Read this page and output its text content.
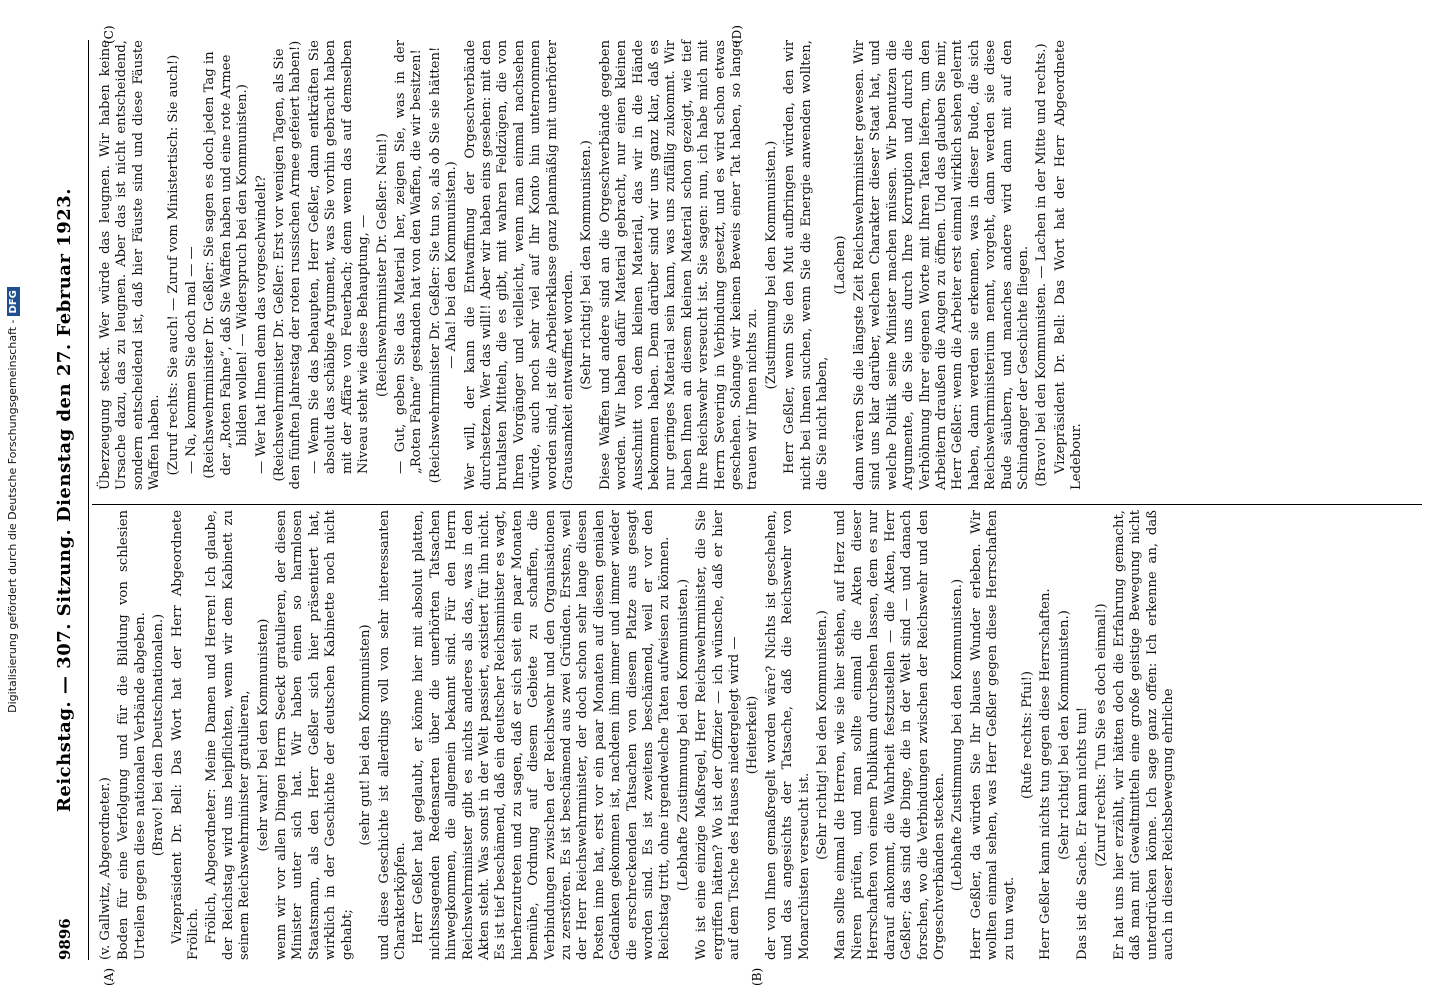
Digitalisierung gefördert durch die Deutsche Forschungsgemeinschaft -DFG
9896
Reichstag. — 307. Sitzung. Dienstag den 27. Februar 1923.
(A)	(B)
(C)	(D)

(v. Gallwitz, Abgeordneter.) Boden für eine Verfolgung und für die Bildung von schlesien Urteilen gegen diese nationalen Verbände abgeben. (Bravo! bei den Deutschnationalen.) Vizepräsident Dr. Bell: Das Wort hat der Herr Abgeordnete Frölich. Frölich, Abgeordneter: Meine Damen und Herren! Ich glaube, der Reichstag wird uns beipflichten, wenn wir dem Kabinett zu seinem Reichswehrminister gratulieren, (sehr wahr! bei den Kommunisten) wenn wir vor allen Dingen Herrn Seeckt gratulieren, der diesen Minister unter sich hat. Wir haben einen so harmlosen Staatsmann, als den Herr Geßler sich hier präsentiert hat, wirklich in der Geschichte der deutschen Kabinette noch nicht gehabt;

(sehr gut! bei den Kommunisten) und diese Geschichte ist allerdings voll von sehr interessanten Charakterköpfen. Herr Geßler hat geglaubt, er könne hier mit absolut platten, nichtssagenden Redensarten über die unerhörten Tatsachen hinwegkommen, die allgemein bekannt sind. Für den Herrn Reichswehrminister gibt es nichts anderes als das, was in den Akten steht. Was sonst in der Welt passiert, existiert für ihn nicht. Es ist tief beschämend, daß ein deutscher Reichsminister es wagt, hierherzutreten und zu sagen, daß er sich seit ein paar Monaten bemühe, Ordnung auf diesem Gebiete zu schaffen, die Verbindungen zwischen der Reichswehr und den Organisationen zu zerstören. Es ist beschämend aus zwei Gründen. Erstens, weil der Herr Reichswehrminister, der doch schon sehr lange diesen Posten inne hat, erst vor ein paar Monaten auf diesen genialen Gedanken gekommen ist, nachdem ihm immer und immer wieder die erschreckenden Tatsachen von diesem Platze aus gesagt worden sind. Es ist zweitens beschämend, weil er vor den Reichstag tritt, ohne irgendwelche Taten aufweisen zu können. (Lebhafte Zustimmung bei den Kommunisten.) Wo ist eine einzige Maßregel, Herr Reichswehrminister, die Sie ergriffen hätten? Wo ist der Offizier — ich wünsche, daß er hier auf dem Tische des Hauses niedergelegt wird — (Heiterkeit) der von Ihnen gemaßregelt worden wäre? Nichts ist geschehen, und das angesichts der Tatsache, daß die Reichswehr von Monarchisten verseucht ist.

(Sehr richtig! bei den Kommunisten.) Man sollte einmal die Herren, wie sie hier stehen, auf Herz und Nieren prüfen, und man sollte einmal die Akten dieser Herrschaften von einem Publikum durchsehen lassen, dem es nur darauf ankommt, die Wahrheit festzustellen — die Akten, Herr Geßler; das sind die Dinge, die in der Welt sind — und danach forschen, wo die Verbindungen zwischen der Reichswehr und den Orgeschverbänden stecken. (Lebhafte Zustimmung bei den Kommunisten.) Herr Geßler, da würden Sie Ihr blaues Wunder erleben. Wir wollten einmal sehen, was Herr Geßler gegen diese Herrschaften zu tun wagt.

(Rufe rechts: Pfui!) Herr Geßler kann nichts tun gegen diese Herrschaften. (Sehr richtig! bei den Kommunisten.) Das ist die Sache. Er kann nichts tun! (Zuruf rechts: Tun Sie es doch einmal!) Er hat uns hier erzählt, wir hätten doch die Erfahrung gemacht, daß man mit Gewaltmitteln eine große geistige Bewegung nicht unterdrücken könne. Ich sage ganz offen: Ich erkenne an, daß auch in dieser Reichsbewegung ehrliche

Überzeugung steckt. Wer würde das leugnen. Wir haben keine Ursache dazu, das zu leugnen. Aber das ist nicht entscheidend, sondern entscheidend ist, daß hier Fäuste sind und diese Fäuste Waffen haben. (Zuruf rechts: Sie auch! — Zuruf vom Ministertisch: Sie auch!) — Na, kommen Sie doch mal — — (Reichswehrminister Dr. Geßler: Sie sagen es doch jeden Tag in der „Roten Fahne“, daß Sie Waffen haben und eine rote Armee bilden wollen! — Widerspruch bei den Kommunisten.) — Wer hat Ihnen denn das vorgeschwindelt? (Reichswehrminister Dr. Geßler: Erst vor wenigen Tagen, als Sie den fünften Jahrestag der roten russischen Armee gefeiert haben!) — Wenn Sie das behaupten, Herr Geßler, dann entkräften Sie absolut das schäbige Argument, was Sie vorhin gebracht haben mit der Affäre von Feuerbach; denn wenn das auf demselben Niveau steht wie diese Behauptung, — (Reichswehrminister Dr. Geßler: Nein!) — Gut, geben Sie das Material her, zeigen Sie, was in der „Roten Fahne“ gestanden hat von den Waffen, die wir besitzen! (Reichswehrminister Dr. Geßler: Sie tun so, als ob Sie sie hätten! — Aha! bei den Kommunisten.) Wer will, der kann die Entwaffnung der Orgeschverbände durchsetzen. Wer das will!! Aber wir haben eins gesehen: mit den brutalsten Mitteln, die es gibt, mit wahren Feldzügen, die von Ihren Vorgänger und vielleicht, wenn man einmal nachsehen würde, auch noch sehr viel auf Ihr Konto hin unternommen worden sind, ist die Arbeiterklasse ganz planmäßig mit unerhörter Grausamkeit entwaffnet worden. (Sehr richtig! bei den Kommunisten.) Diese Waffen und andere sind an die Orgeschverbände gegeben worden. Wir haben dafür Material gebracht, nur einen kleinen Ausschnitt von dem kleinen Material, das wir in die Hände bekommen haben. Denn darüber sind wir uns ganz klar, daß es nur geringes Material sein kann, was uns zufällig zukommt. Wir haben Ihnen an diesem kleinen Material schon gezeigt, wie tief Ihre Reichswehr verseucht ist. Sie sagen: nun, ich habe mich mit Herrn Severing in Verbindung gesetzt, und es wird schon etwas geschehen. Solange wir keinen Beweis einer Tat haben, so lange trauen wir Ihnen nichts zu.

(Zustimmung bei den Kommunisten.) Herr Geßler, wenn Sie den Mut aufbringen würden, den wir nicht bei Ihnen suchen, wenn Sie die Energie anwenden wollten, die Sie nicht haben,

(Lachen) dann wären Sie die längste Zeit Reichswehrminister gewesen. Wir sind uns klar darüber, welchen Charakter dieser Staat hat, und welche Politik seine Minister machen müssen. Wir benutzen die Argumente, die Sie uns durch Ihre Korruption und durch die Verhöhnung Ihrer eigenen Worte mit Ihren Taten liefern, um den Arbeitern draußen die Augen zu öffnen. Und das glauben Sie mir, Herr Geßler: wenn die Arbeiter erst einmal wirklich sehen gelernt haben, dann werden sie erkennen, was in dieser Bude, die sich Reichswehrministerium nennt, vorgeht, dann werden sie diese Bude säubern, und manches andere wird dann mit auf den Schindanger der Geschichte fliegen. (Bravo! bei den Kommunisten. — Lachen in der Mitte und rechts.) Vizepräsident Dr. Bell: Das Wort hat der Herr Abgeordnete Ledebour.
